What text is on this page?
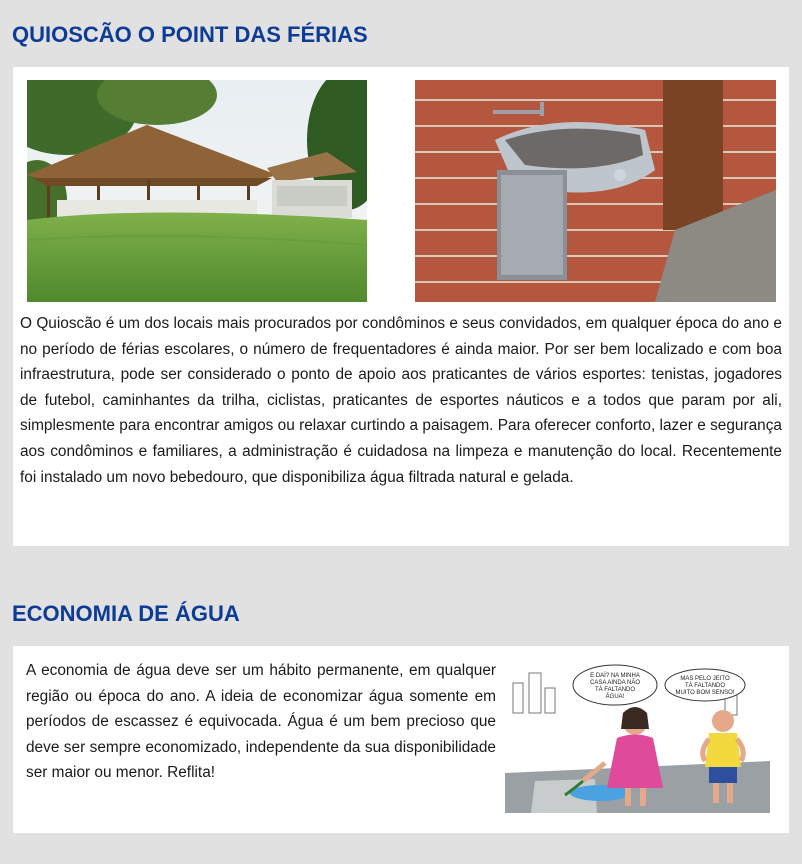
QUIOSCÃO O POINT DAS FÉRIAS

O Quioscão é um dos locais mais procurados por condôminos e seus convidados, em qualquer época do ano e no período de férias escolares, o número de frequentadores é ainda maior. Por ser bem localizado e com boa infraestrutura, pode ser considerado o ponto de apoio aos praticantes de vários esportes: tenistas, jogadores de futebol, caminhantes da trilha, ciclistas, praticantes de esportes náuticos e a todos que param por ali, simplesmente para encontrar amigos ou relaxar curtindo a paisagem. Para oferecer conforto, lazer e segurança aos condôminos e familiares, a administração é cuidadosa na limpeza e manutenção do local. Recentemente foi instalado um novo bebedouro, que disponibiliza água filtrada natural e gelada.

ECONOMIA DE ÁGUA

A economia de água deve ser um hábito permanente, em qualquer região ou época do ano. A ideia de economizar água somente em períodos de escassez é equivocada. Água é um bem precioso que deve ser sempre economizado, independente da sua disponibilidade ser maior ou menor. Reflita!

E DAÍ? NA MINHA
CASA AINDA NÃO
TÁ FALTANDO
ÁGUA!
MAS PELO JEITO
TÁ FALTANDO
MUITO BOM SENSO!
